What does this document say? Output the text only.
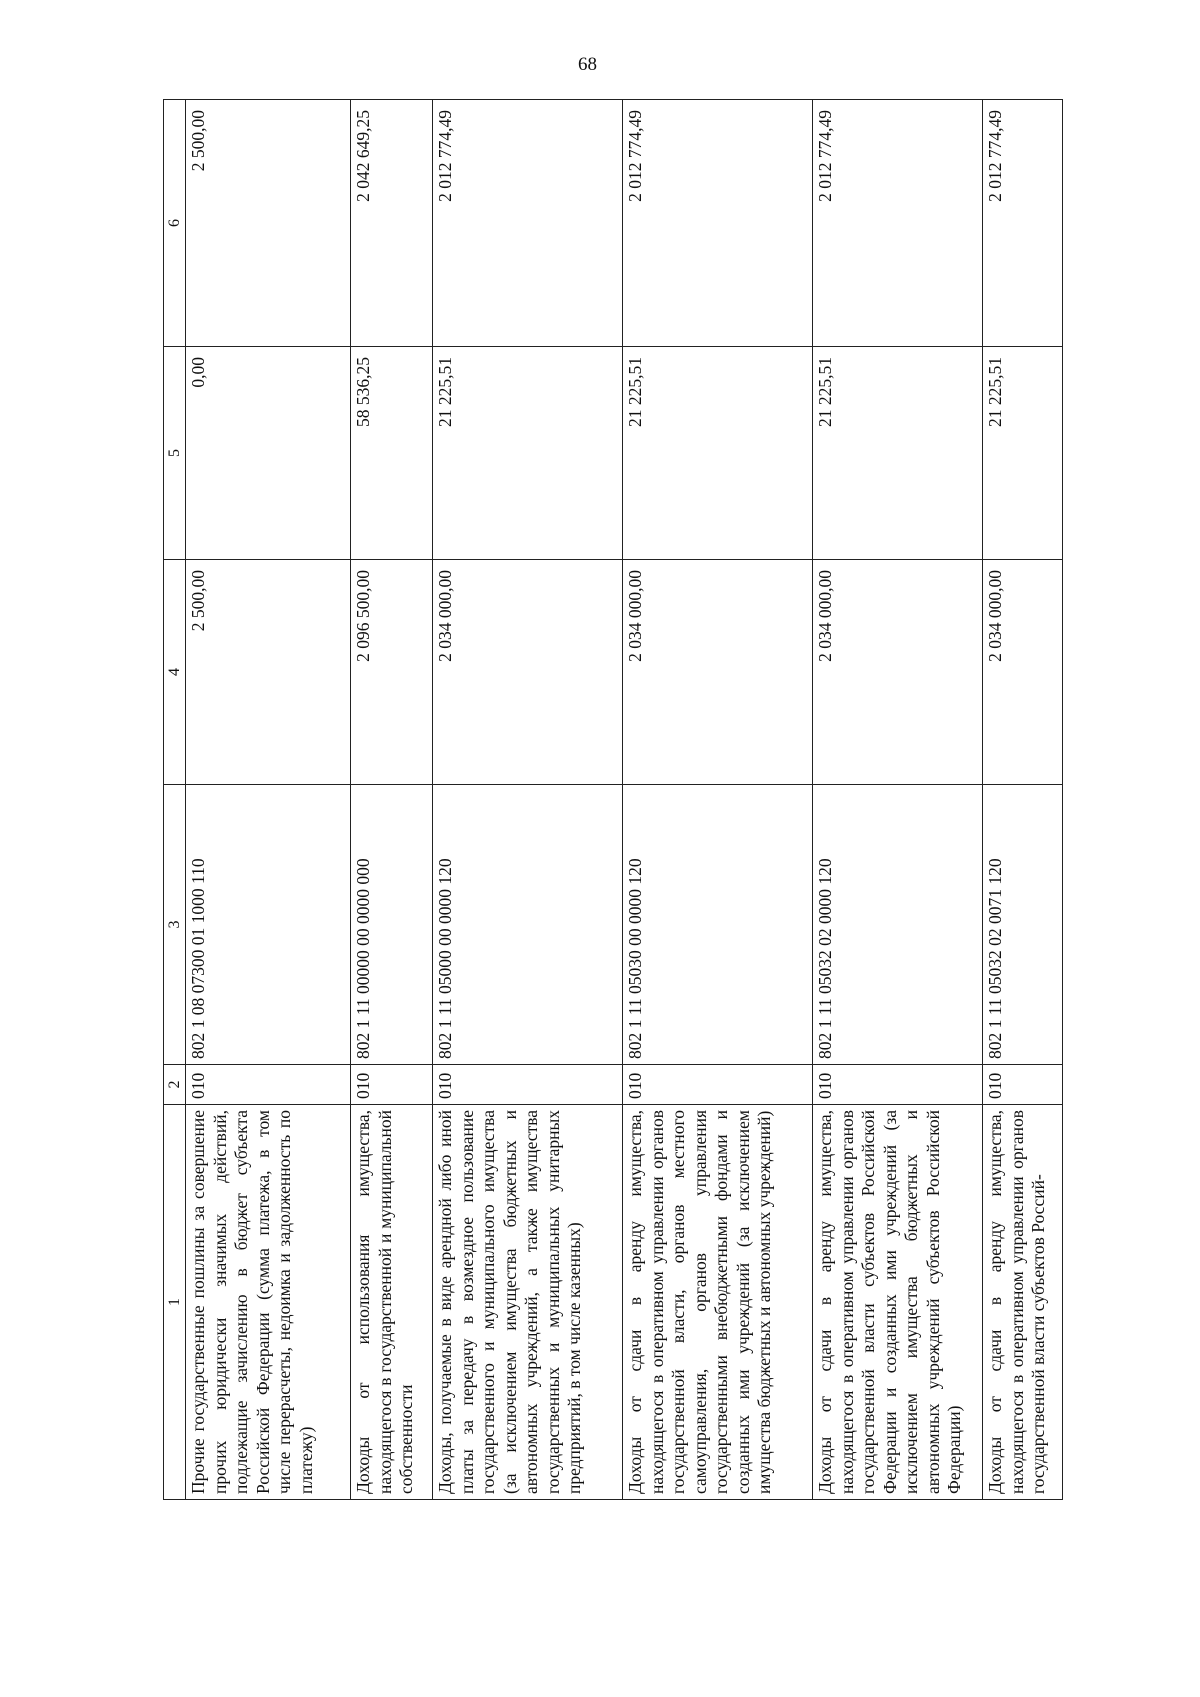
68
1	2	3	4	5	6
Прочие государственные пошлины за совершение прочих юридически значимых действий, подлежащие зачислению в бюджет субъекта Российской Федерации (сумма платежа, в том числе перерасчеты, недоимка и задолженность по платежу)	010	802 1 08 07300 01 1000 110	2 500,00	0,00	2 500,00
Доходы от использования имущества, находящегося в государственной и муниципальной собственности	010	802 1 11 00000 00 0000 000	2 096 500,00	58 536,25	2 042 649,25
Доходы, получаемые в виде арендной либо иной платы за передачу в возмездное пользование государственного и муниципального имущества (за исключением имущества бюджетных и автономных учреждений, а также имущества государственных и муниципальных унитарных предприятий, в том числе казенных)	010	802 1 11 05000 00 0000 120	2 034 000,00	21 225,51	2 012 774,49
Доходы от сдачи в аренду имущества, находящегося в оперативном управлении органов государственной власти, органов местного самоуправления, органов управления государственными внебюджетными фондами и созданных ими учреждений (за исключением имущества бюджетных и автономных учреждений)	010	802 1 11 05030 00 0000 120	2 034 000,00	21 225,51	2 012 774,49
Доходы от сдачи в аренду имущества, находящегося в оперативном управлении органов государственной власти субъектов Российской Федерации и созданных ими учреждений (за исключением имущества бюджетных и автономных учреждений субъектов Российской Федерации)	010	802 1 11 05032 02 0000 120	2 034 000,00	21 225,51	2 012 774,49
Доходы от сдачи в аренду имущества, находящегося в оперативном управлении органов государственной власти субъектов Россий-	010	802 1 11 05032 02 0071 120	2 034 000,00	21 225,51	2 012 774,49
